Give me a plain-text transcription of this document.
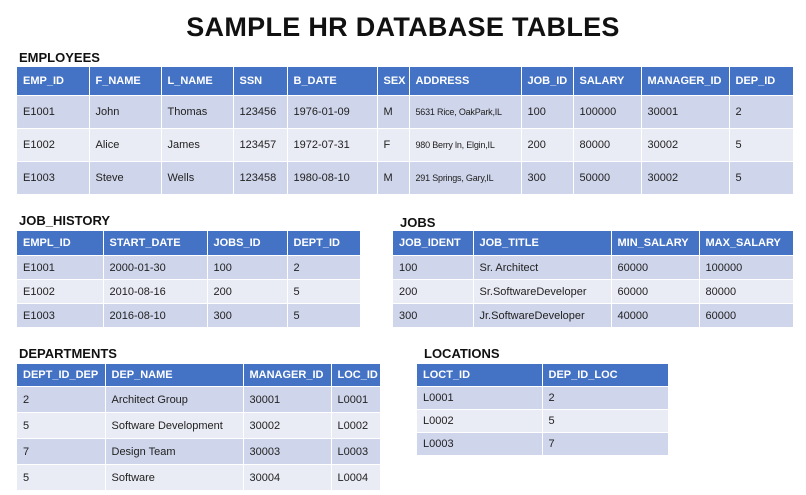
SAMPLE HR DATABASE TABLES
EMPLOYEES
EMP_ID	F_NAME	L_NAME	SSN	B_DATE	SEX	ADDRESS	JOB_ID	SALARY	MANAGER_ID	DEP_ID
E1001	John	Thomas	123456	1976-01-09	M	5631 Rice, OakPark,IL	100	100000	30001	2
E1002	Alice	James	123457	1972-07-31	F	980 Berry ln, Elgin,IL	200	80000	30002	5
E1003	Steve	Wells	123458	1980-08-10	M	291 Springs, Gary,IL	300	50000	30002	5
JOB_HISTORY
EMPL_ID	START_DATE	JOBS_ID	DEPT_ID
E1001	2000-01-30	100	2
E1002	2010-08-16	200	5
E1003	2016-08-10	300	5
JOBS
JOB_IDENT	JOB_TITLE	MIN_SALARY	MAX_SALARY
100	Sr. Architect	60000	100000
200	Sr.SoftwareDeveloper	60000	80000
300	Jr.SoftwareDeveloper	40000	60000
DEPARTMENTS
DEPT_ID_DEP	DEP_NAME	MANAGER_ID	LOC_ID
2	Architect Group	30001	L0001
5	Software Development	30002	L0002
7	Design Team	30003	L0003
5	Software	30004	L0004
LOCATIONS
LOCT_ID	DEP_ID_LOC
L0001	2
L0002	5
L0003	7
